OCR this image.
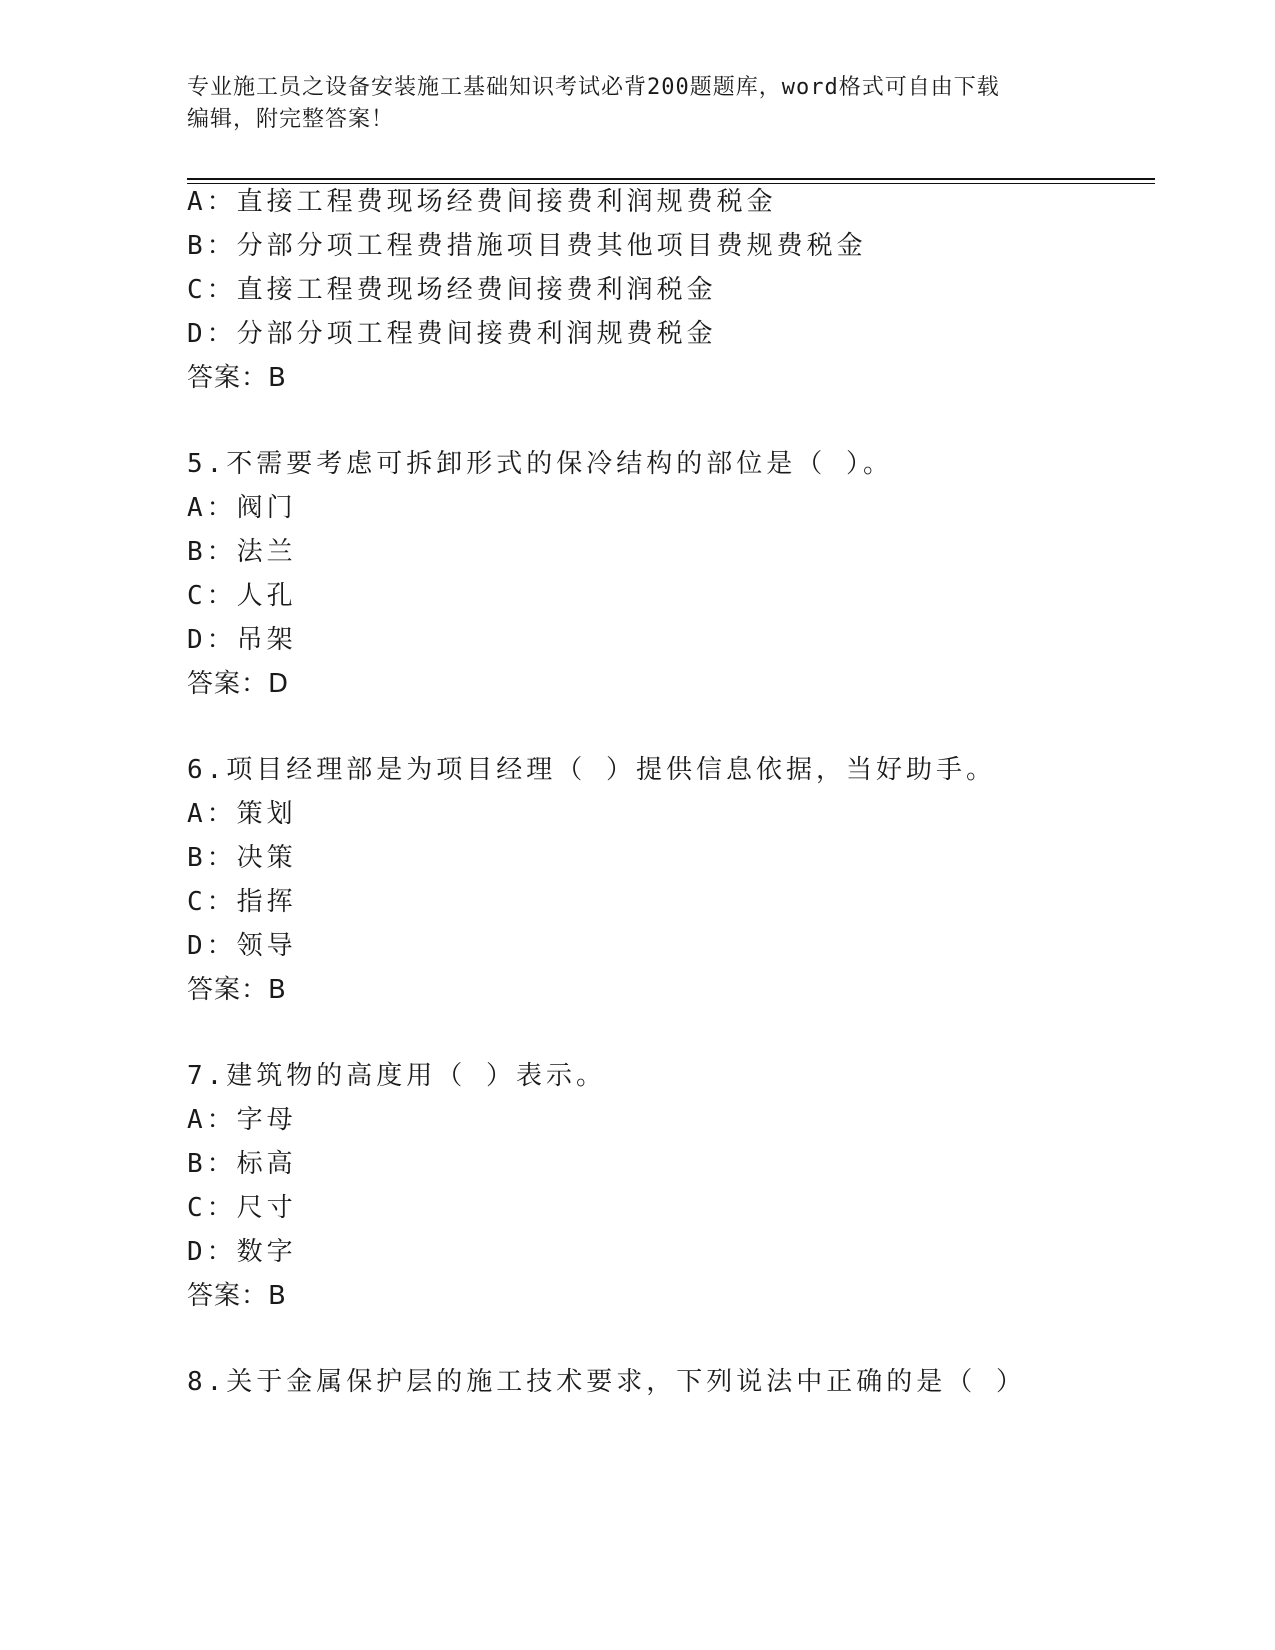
专业施工员之设备安装施工基础知识考试必背200题题库，word格式可自由下载
编辑，附完整答案！
A：直接工程费现场经费间接费利润规费税金
B：分部分项工程费措施项目费其他项目费规费税金
C：直接工程费现场经费间接费利润税金
D：分部分项工程费间接费利润规费税金
答案：B
5.不需要考虑可拆卸形式的保冷结构的部位是（ ）。
A：阀门
B：法兰
C：人孔
D：吊架
答案：D
6.项目经理部是为项目经理（ ）提供信息依据，当好助手。
A：策划
B：决策
C：指挥
D：领导
答案：B
7.建筑物的高度用（ ）表示。
A：字母
B：标高
C：尺寸
D：数字
答案：B
8.关于金属保护层的施工技术要求，下列说法中正确的是（ ）
